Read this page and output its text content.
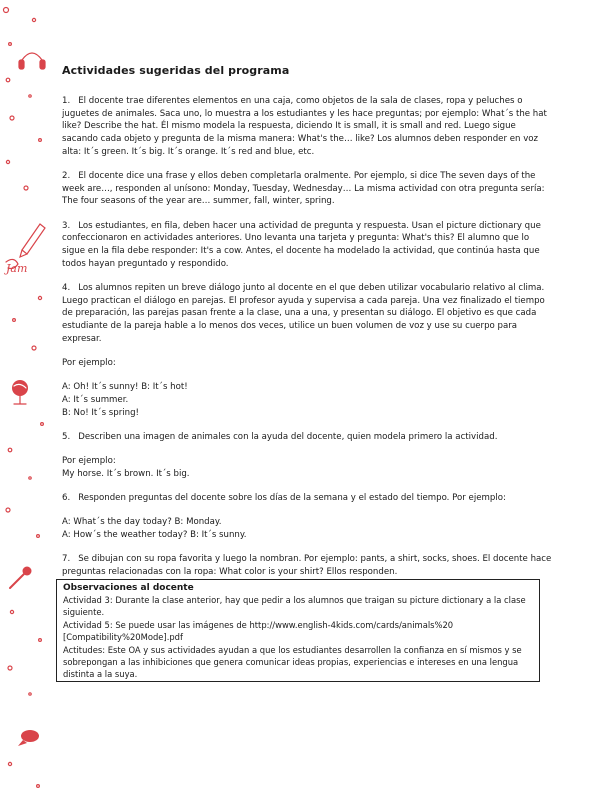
Jam
Actividades sugeridas del programa

1. El docente trae diferentes elementos en una caja, como objetos de la sala de clases, ropa y peluches o juguetes de animales. Saca uno, lo muestra a los estudiantes y les hace preguntas; por ejemplo: What´s the hat like? Describe the hat. Él mismo modela la respuesta, diciendo It is small, it is small and red. Luego sigue sacando cada objeto y pregunta de la misma manera: What's the… like? Los alumnos deben responder en voz alta: It´s green. It´s big. It´s orange. It´s red and blue, etc.

2. El docente dice una frase y ellos deben completarla oralmente. Por ejemplo, si dice The seven days of the week are…, responden al unísono: Monday, Tuesday, Wednesday… La misma actividad con otra pregunta sería: The four seasons of the year are… summer, fall, winter, spring.

3. Los estudiantes, en fila, deben hacer una actividad de pregunta y respuesta. Usan el picture dictionary que confeccionaron en actividades anteriores. Uno levanta una tarjeta y pregunta: What's this? El alumno que lo sigue en la fila debe responder: It's a cow. Antes, el docente ha modelado la actividad, que continúa hasta que todos hayan preguntado y respondido.

4. Los alumnos repiten un breve diálogo junto al docente en el que deben utilizar vocabulario relativo al clima. Luego practican el diálogo en parejas. El profesor ayuda y supervisa a cada pareja. Una vez finalizado el tiempo de preparación, las parejas pasan frente a la clase, una a una, y presentan su diálogo. El objetivo es que cada estudiante de la pareja hable a lo menos dos veces, utilice un buen volumen de voz y use su cuerpo para expresar.

Por ejemplo:

A: Oh! It´s sunny! B: It´s hot!

A: It´s summer.

B: No! It´s spring!

5. Describen una imagen de animales con la ayuda del docente, quien modela primero la actividad.

Por ejemplo:

My horse. It´s brown. It´s big.

6. Responden preguntas del docente sobre los días de la semana y el estado del tiempo. Por ejemplo:

A: What´s the day today? B: Monday.

A: How´s the weather today? B: It´s sunny.

7. Se dibujan con su ropa favorita y luego la nombran. Por ejemplo: pants, a shirt, socks, shoes. El docente hace preguntas relacionadas con la ropa: What color is your shirt? Ellos responden.

Observaciones al docente

Actividad 3: Durante la clase anterior, hay que pedir a los alumnos que traigan su picture dictionary a la clase siguiente.

Actividad 5: Se puede usar las imágenes de http://www.english-4kids.com/cards/animals%20 [Compatibility%20Mode].pdf

Actitudes: Este OA y sus actividades ayudan a que los estudiantes desarrollen la confianza en sí mismos y se sobrepongan a las inhibiciones que genera comunicar ideas propias, experiencias e intereses en una lengua distinta a la suya.
